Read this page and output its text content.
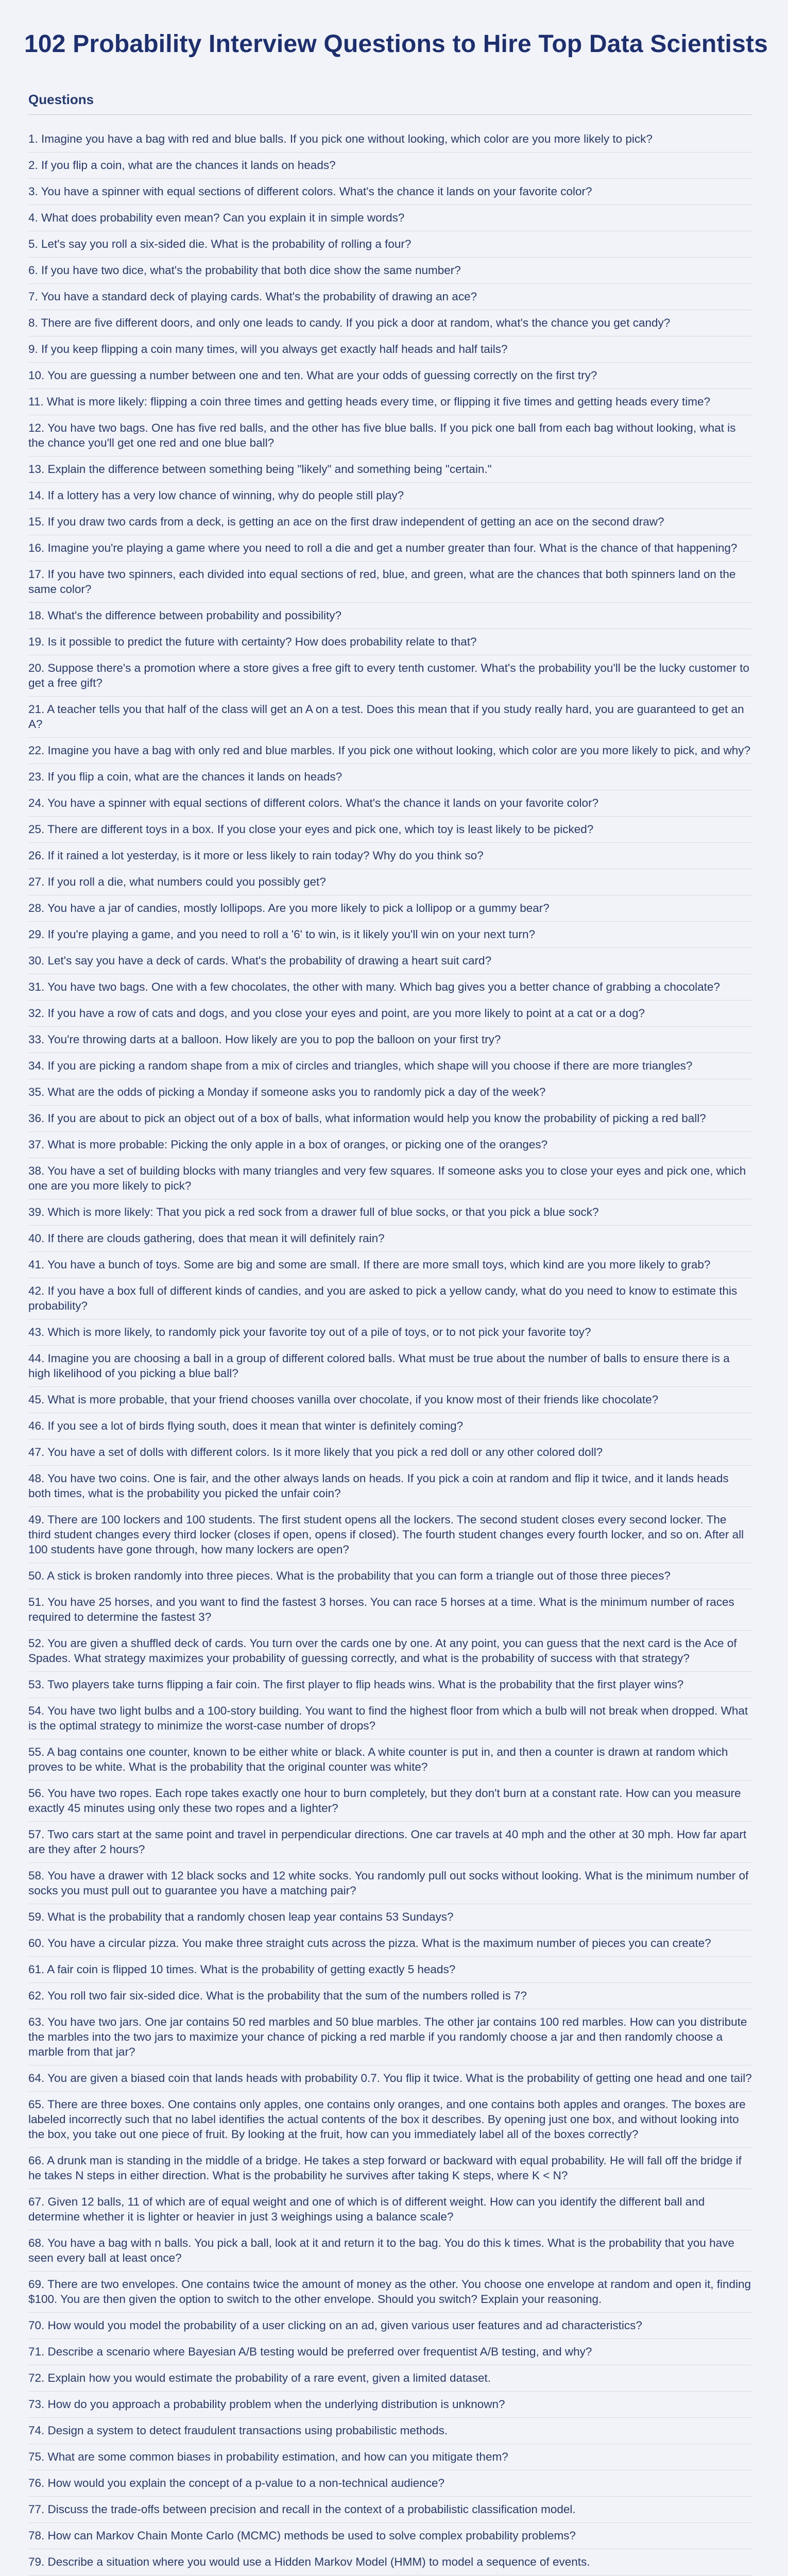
102 Probability Interview Questions to Hire Top Data Scientists
Questions
1. Imagine you have a bag with red and blue balls. If you pick one without looking, which color are you more likely to pick?
2. If you flip a coin, what are the chances it lands on heads?
3. You have a spinner with equal sections of different colors. What's the chance it lands on your favorite color?
4. What does probability even mean? Can you explain it in simple words?
5. Let's say you roll a six-sided die. What is the probability of rolling a four?
6. If you have two dice, what's the probability that both dice show the same number?
7. You have a standard deck of playing cards. What's the probability of drawing an ace?
8. There are five different doors, and only one leads to candy. If you pick a door at random, what's the chance you get candy?
9. If you keep flipping a coin many times, will you always get exactly half heads and half tails?
10. You are guessing a number between one and ten. What are your odds of guessing correctly on the first try?
11. What is more likely: flipping a coin three times and getting heads every time, or flipping it five times and getting heads every time?
12. You have two bags. One has five red balls, and the other has five blue balls. If you pick one ball from each bag without looking, what is the chance you'll get one red and one blue ball?
13. Explain the difference between something being "likely" and something being "certain."
14. If a lottery has a very low chance of winning, why do people still play?
15. If you draw two cards from a deck, is getting an ace on the first draw independent of getting an ace on the second draw?
16. Imagine you're playing a game where you need to roll a die and get a number greater than four. What is the chance of that happening?
17. If you have two spinners, each divided into equal sections of red, blue, and green, what are the chances that both spinners land on the same color?
18. What's the difference between probability and possibility?
19. Is it possible to predict the future with certainty? How does probability relate to that?
20. Suppose there's a promotion where a store gives a free gift to every tenth customer. What's the probability you'll be the lucky customer to get a free gift?
21. A teacher tells you that half of the class will get an A on a test. Does this mean that if you study really hard, you are guaranteed to get an A?
22. Imagine you have a bag with only red and blue marbles. If you pick one without looking, which color are you more likely to pick, and why?
23. If you flip a coin, what are the chances it lands on heads?
24. You have a spinner with equal sections of different colors. What's the chance it lands on your favorite color?
25. There are different toys in a box. If you close your eyes and pick one, which toy is least likely to be picked?
26. If it rained a lot yesterday, is it more or less likely to rain today? Why do you think so?
27. If you roll a die, what numbers could you possibly get?
28. You have a jar of candies, mostly lollipops. Are you more likely to pick a lollipop or a gummy bear?
29. If you're playing a game, and you need to roll a '6' to win, is it likely you'll win on your next turn?
30. Let's say you have a deck of cards. What's the probability of drawing a heart suit card?
31. You have two bags. One with a few chocolates, the other with many. Which bag gives you a better chance of grabbing a chocolate?
32. If you have a row of cats and dogs, and you close your eyes and point, are you more likely to point at a cat or a dog?
33. You're throwing darts at a balloon. How likely are you to pop the balloon on your first try?
34. If you are picking a random shape from a mix of circles and triangles, which shape will you choose if there are more triangles?
35. What are the odds of picking a Monday if someone asks you to randomly pick a day of the week?
36. If you are about to pick an object out of a box of balls, what information would help you know the probability of picking a red ball?
37. What is more probable: Picking the only apple in a box of oranges, or picking one of the oranges?
38. You have a set of building blocks with many triangles and very few squares. If someone asks you to close your eyes and pick one, which one are you more likely to pick?
39. Which is more likely: That you pick a red sock from a drawer full of blue socks, or that you pick a blue sock?
40. If there are clouds gathering, does that mean it will definitely rain?
41. You have a bunch of toys. Some are big and some are small. If there are more small toys, which kind are you more likely to grab?
42. If you have a box full of different kinds of candies, and you are asked to pick a yellow candy, what do you need to know to estimate this probability?
43. Which is more likely, to randomly pick your favorite toy out of a pile of toys, or to not pick your favorite toy?
44. Imagine you are choosing a ball in a group of different colored balls. What must be true about the number of balls to ensure there is a high likelihood of you picking a blue ball?
45. What is more probable, that your friend chooses vanilla over chocolate, if you know most of their friends like chocolate?
46. If you see a lot of birds flying south, does it mean that winter is definitely coming?
47. You have a set of dolls with different colors. Is it more likely that you pick a red doll or any other colored doll?
48. You have two coins. One is fair, and the other always lands on heads. If you pick a coin at random and flip it twice, and it lands heads both times, what is the probability you picked the unfair coin?
49. There are 100 lockers and 100 students. The first student opens all the lockers. The second student closes every second locker. The third student changes every third locker (closes if open, opens if closed). The fourth student changes every fourth locker, and so on. After all 100 students have gone through, how many lockers are open?
50. A stick is broken randomly into three pieces. What is the probability that you can form a triangle out of those three pieces?
51. You have 25 horses, and you want to find the fastest 3 horses. You can race 5 horses at a time. What is the minimum number of races required to determine the fastest 3?
52. You are given a shuffled deck of cards. You turn over the cards one by one. At any point, you can guess that the next card is the Ace of Spades. What strategy maximizes your probability of guessing correctly, and what is the probability of success with that strategy?
53. Two players take turns flipping a fair coin. The first player to flip heads wins. What is the probability that the first player wins?
54. You have two light bulbs and a 100-story building. You want to find the highest floor from which a bulb will not break when dropped. What is the optimal strategy to minimize the worst-case number of drops?
55. A bag contains one counter, known to be either white or black. A white counter is put in, and then a counter is drawn at random which proves to be white. What is the probability that the original counter was white?
56. You have two ropes. Each rope takes exactly one hour to burn completely, but they don't burn at a constant rate. How can you measure exactly 45 minutes using only these two ropes and a lighter?
57. Two cars start at the same point and travel in perpendicular directions. One car travels at 40 mph and the other at 30 mph. How far apart are they after 2 hours?
58. You have a drawer with 12 black socks and 12 white socks. You randomly pull out socks without looking. What is the minimum number of socks you must pull out to guarantee you have a matching pair?
59. What is the probability that a randomly chosen leap year contains 53 Sundays?
60. You have a circular pizza. You make three straight cuts across the pizza. What is the maximum number of pieces you can create?
61. A fair coin is flipped 10 times. What is the probability of getting exactly 5 heads?
62. You roll two fair six-sided dice. What is the probability that the sum of the numbers rolled is 7?
63. You have two jars. One jar contains 50 red marbles and 50 blue marbles. The other jar contains 100 red marbles. How can you distribute the marbles into the two jars to maximize your chance of picking a red marble if you randomly choose a jar and then randomly choose a marble from that jar?
64. You are given a biased coin that lands heads with probability 0.7. You flip it twice. What is the probability of getting one head and one tail?
65. There are three boxes. One contains only apples, one contains only oranges, and one contains both apples and oranges. The boxes are labeled incorrectly such that no label identifies the actual contents of the box it describes. By opening just one box, and without looking into the box, you take out one piece of fruit. By looking at the fruit, how can you immediately label all of the boxes correctly?
66. A drunk man is standing in the middle of a bridge. He takes a step forward or backward with equal probability. He will fall off the bridge if he takes N steps in either direction. What is the probability he survives after taking K steps, where K < N?
67. Given 12 balls, 11 of which are of equal weight and one of which is of different weight. How can you identify the different ball and determine whether it is lighter or heavier in just 3 weighings using a balance scale?
68. You have a bag with n balls. You pick a ball, look at it and return it to the bag. You do this k times. What is the probability that you have seen every ball at least once?
69. There are two envelopes. One contains twice the amount of money as the other. You choose one envelope at random and open it, finding $100. You are then given the option to switch to the other envelope. Should you switch? Explain your reasoning.
70. How would you model the probability of a user clicking on an ad, given various user features and ad characteristics?
71. Describe a scenario where Bayesian A/B testing would be preferred over frequentist A/B testing, and why?
72. Explain how you would estimate the probability of a rare event, given a limited dataset.
73. How do you approach a probability problem when the underlying distribution is unknown?
74. Design a system to detect fraudulent transactions using probabilistic methods.
75. What are some common biases in probability estimation, and how can you mitigate them?
76. How would you explain the concept of a p-value to a non-technical audience?
77. Discuss the trade-offs between precision and recall in the context of a probabilistic classification model.
78. How can Markov Chain Monte Carlo (MCMC) methods be used to solve complex probability problems?
79. Describe a situation where you would use a Hidden Markov Model (HMM) to model a sequence of events.
